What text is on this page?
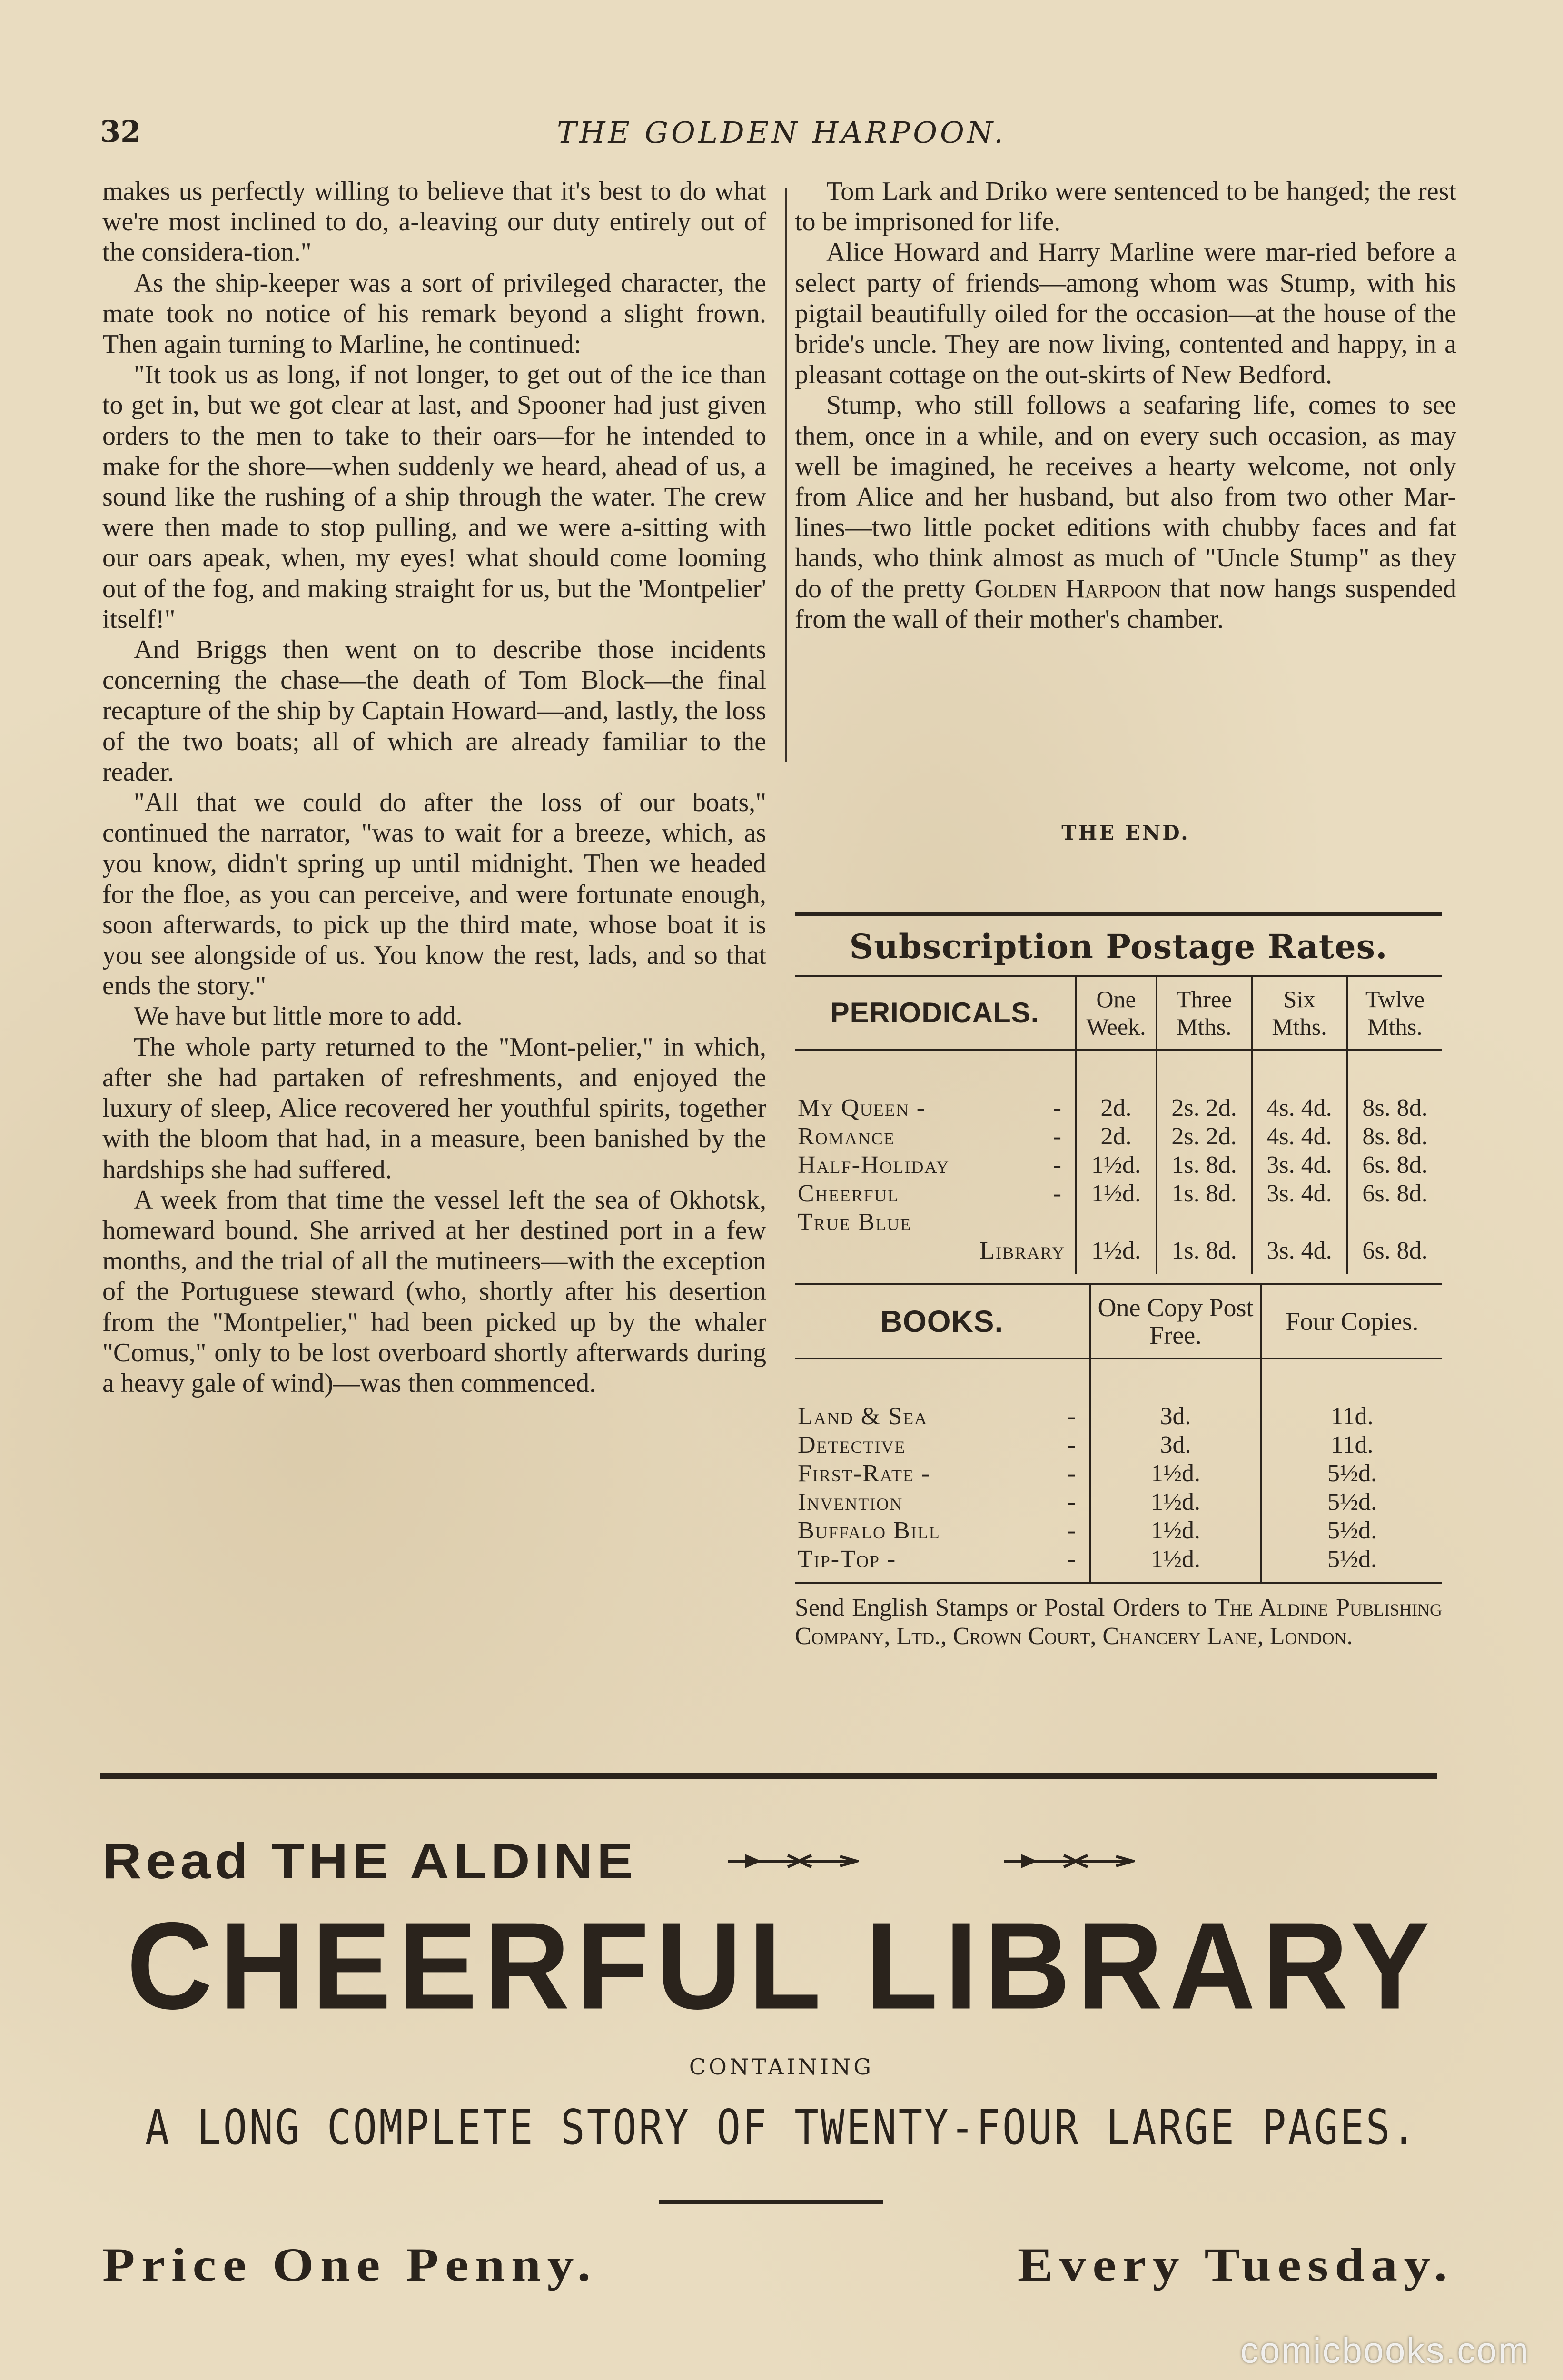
32	THE GOLDEN HARPOON.

makes us perfectly willing to believe that it's best to do what we're most inclined to do, a-leaving our duty entirely out of the considera-tion."

As the ship-keeper was a sort of privileged character, the mate took no notice of his remark beyond a slight frown. Then again turning to Marline, he continued:

"It took us as long, if not longer, to get out of the ice than to get in, but we got clear at last, and Spooner had just given orders to the men to take to their oars—for he intended to make for the shore—when suddenly we heard, ahead of us, a sound like the rushing of a ship through the water. The crew were then made to stop pulling, and we were a-sitting with our oars apeak, when, my eyes! what should come looming out of the fog, and making straight for us, but the 'Montpelier' itself!"

And Briggs then went on to describe those incidents concerning the chase—the death of Tom Block—the final recapture of the ship by Captain Howard—and, lastly, the loss of the two boats; all of which are already familiar to the reader.

"All that we could do after the loss of our boats," continued the narrator, "was to wait for a breeze, which, as you know, didn't spring up until midnight. Then we headed for the floe, as you can perceive, and were fortunate enough, soon afterwards, to pick up the third mate, whose boat it is you see alongside of us. You know the rest, lads, and so that ends the story."

We have but little more to add.

The whole party returned to the "Mont-pelier," in which, after she had partaken of refreshments, and enjoyed the luxury of sleep, Alice recovered her youthful spirits, together with the bloom that had, in a measure, been banished by the hardships she had suffered.

A week from that time the vessel left the sea of Okhotsk, homeward bound. She arrived at her destined port in a few months, and the trial of all the mutineers—with the exception of the Portuguese steward (who, shortly after his desertion from the "Montpelier," had been picked up by the whaler "Comus," only to be lost overboard shortly afterwards during a heavy gale of wind)—was then commenced.

Tom Lark and Driko were sentenced to be hanged; the rest to be imprisoned for life.

Alice Howard and Harry Marline were mar-ried before a select party of friends—among whom was Stump, with his pigtail beautifully oiled for the occasion—at the house of the bride's uncle. They are now living, contented and happy, in a pleasant cottage on the out-skirts of New Bedford.

Stump, who still follows a seafaring life, comes to see them, once in a while, and on every such occasion, as may well be imagined, he receives a hearty welcome, not only from Alice and her husband, but also from two other Mar-lines—two little pocket editions with chubby faces and fat hands, who think almost as much of "Uncle Stump" as they do of the pretty Golden Harpoon that now hangs suspended from the wall of their mother's chamber.

THE END.
Subscription Postage Rates.
PERIODICALS.	One Week.	Three Mths.	Six Mths.	Twlve Mths.
My Queen - -	2d.	2s. 2d.	4s. 4d.	8s. 8d.
Romance -	2d.	2s. 2d.	4s. 4d.	8s. 8d.
Half-Holiday -	1½d.	1s. 8d.	3s. 4d.	6s. 8d.
Cheerful -	1½d.	1s. 8d.	3s. 4d.	6s. 8d.
True Blue				
Library	1½d.	1s. 8d.	3s. 4d.	6s. 8d.
BOOKS.	One Copy Post Free.	Four Copies.
Land & Sea -	3d.	11d.
Detective -	3d.	11d.
First-Rate - -	1½d.	5½d.
Invention -	1½d.	5½d.
Buffalo Bill -	1½d.	5½d.
Tip-Top - -	1½d.	5½d.
Send English Stamps or Postal Orders to The Aldine Publishing Company, Ltd., Crown Court, Chancery Lane, London.
Read THE ALDINE
CHEERFUL LIBRARY
CONTAINING
A LONG COMPLETE STORY OF TWENTY-FOUR LARGE PAGES.
Price One Penny.	Every Tuesday.
comicbooks.com
